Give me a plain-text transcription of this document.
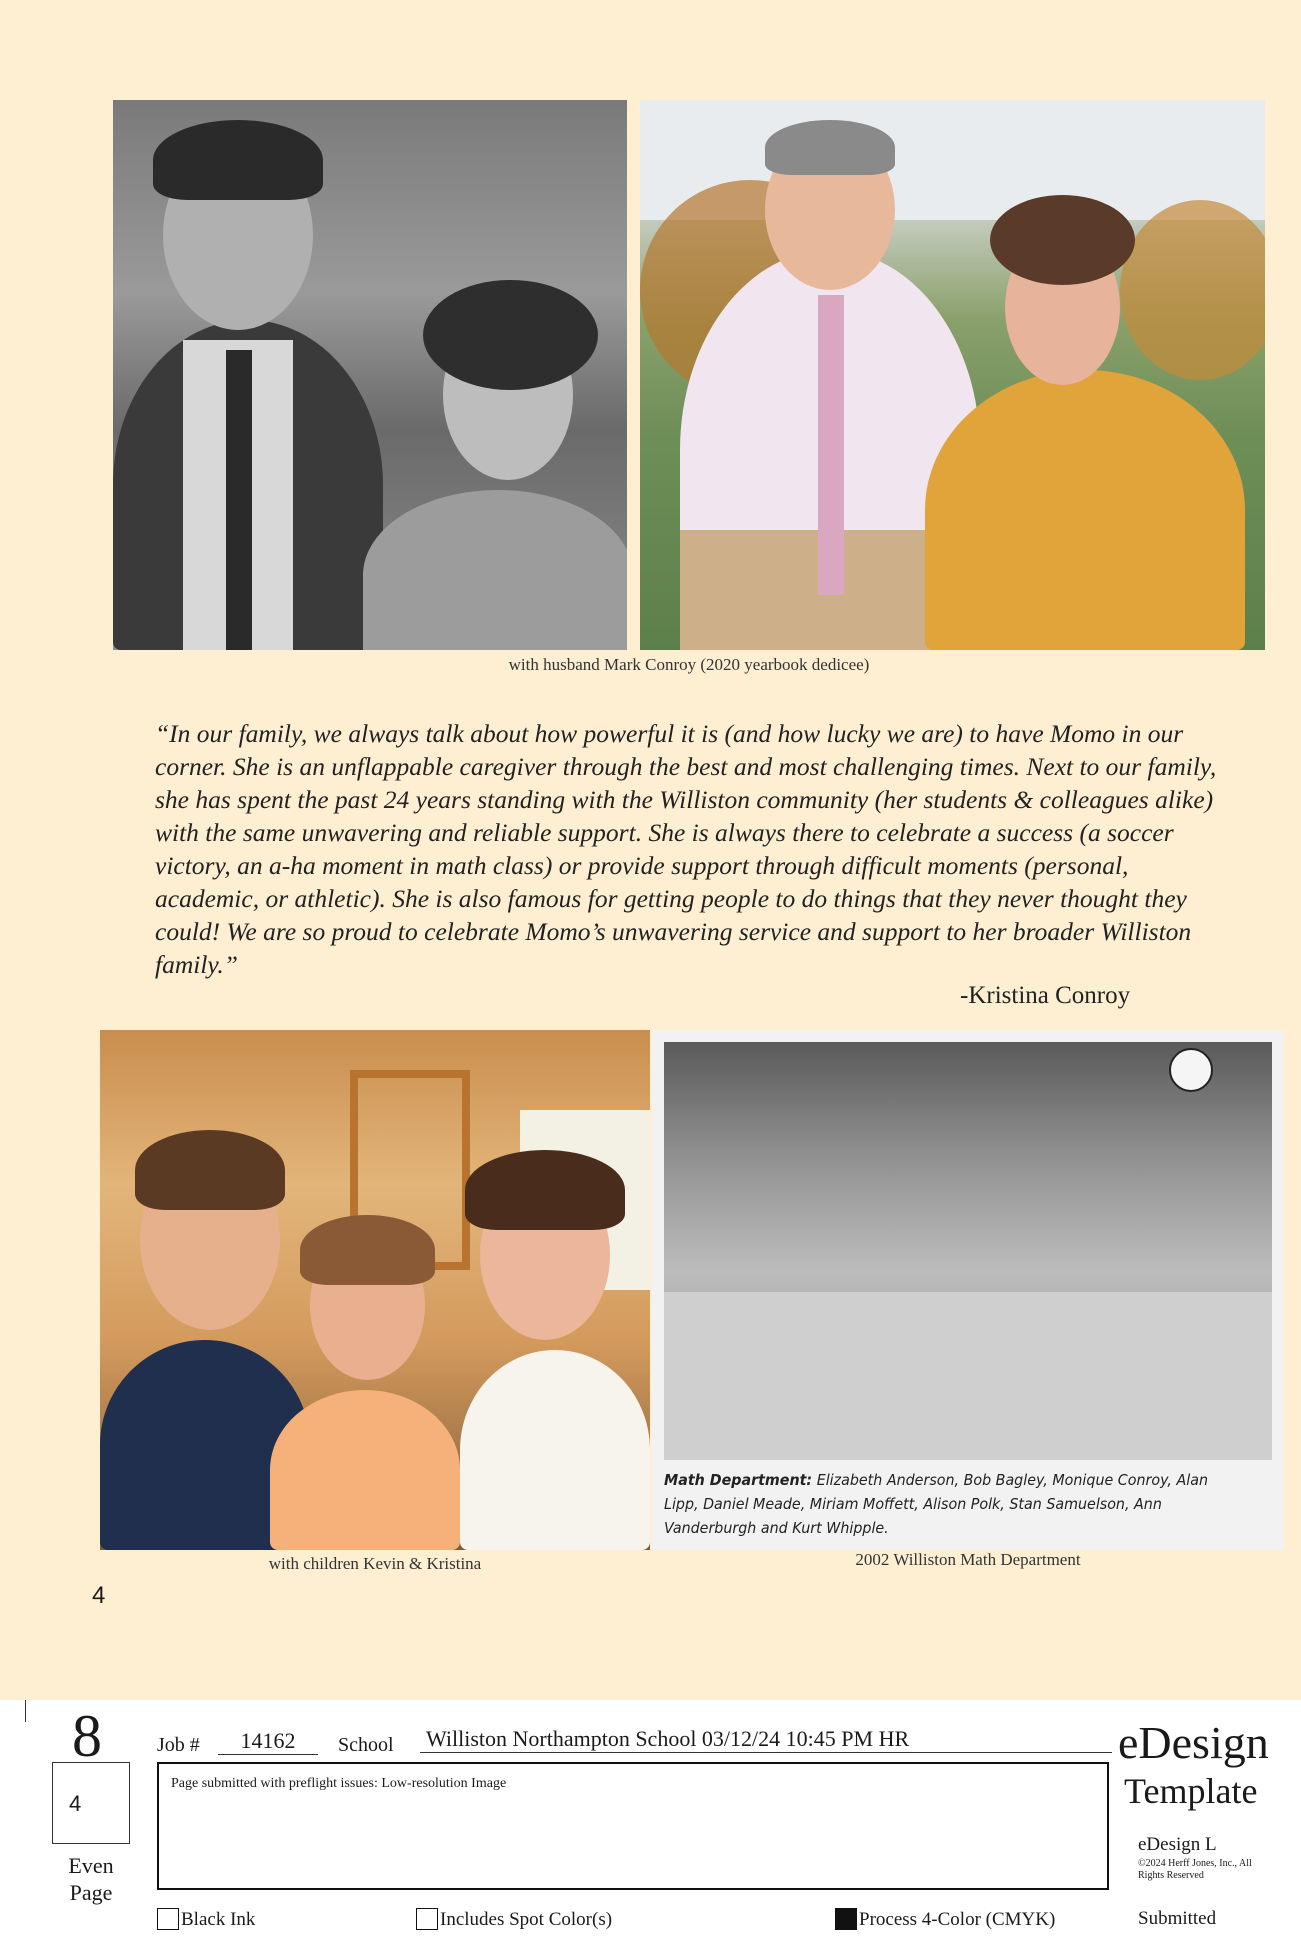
with husband Mark Conroy (2020 yearbook dedicee)
“In our family, we always talk about how powerful it is (and how lucky we are) to have Momo in our corner. She is an unflappable caregiver through the best and most challenging times. Next to our family, she has spent the past 24 years standing with the Williston community (her students & colleagues alike) with the same unwavering and reliable support. She is always there to celebrate a success (a soccer victory, an a-ha moment in math class) or provide support through difficult moments (personal, academic, or athletic). She is also famous for getting people to do things that they never thought they could! We are so proud to celebrate Momo’s unwavering service and support to her broader Williston family.”
-Kristina Conroy
Math Department: Elizabeth Anderson, Bob Bagley, Monique Conroy, Alan Lipp, Daniel Meade, Miriam Moffett, Alison Polk, Stan Samuelson, Ann Vanderburgh and Kurt Whipple.
with children Kevin & Kristina	2002 Williston Math Department
4
8
4
Even Page
Job #	14162	School Williston Northampton School 03/12/24 10:45 PM HR
Page submitted with preflight issues: Low-resolution Image
eDesign
Template
eDesign L
©2024 Herff Jones, Inc., All Rights Reserved
Black Ink	Includes Spot Color(s)	Process 4-Color (CMYK)	Submitted
